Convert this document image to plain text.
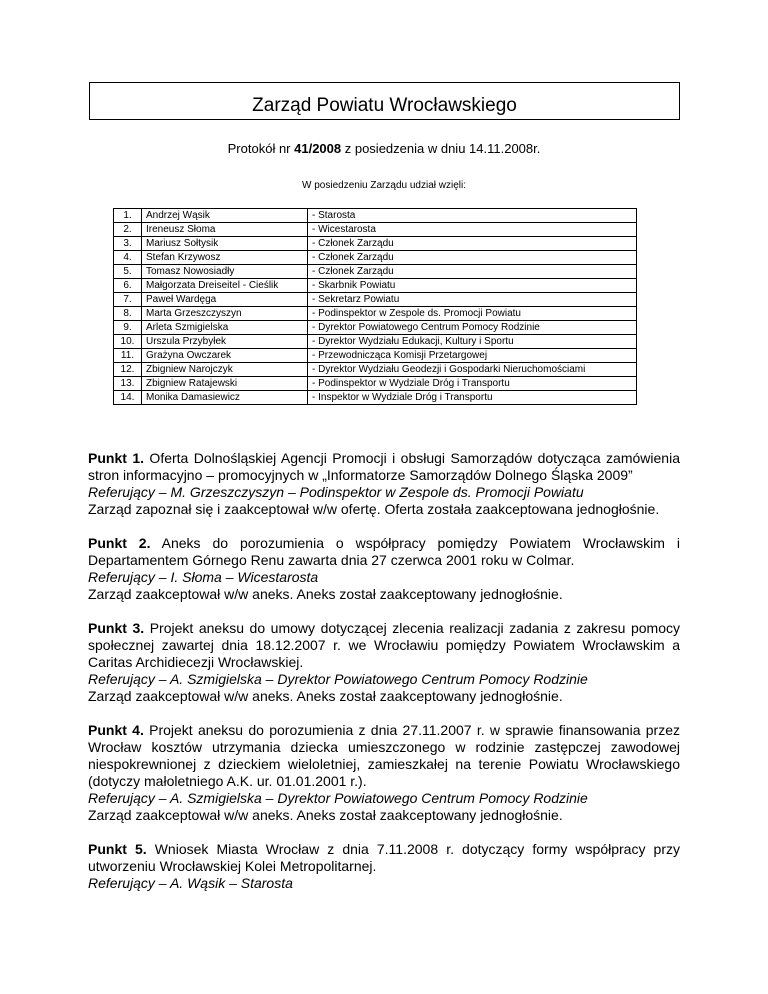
Zarząd Powiatu Wrocławskiego
Protokół nr 41/2008 z posiedzenia w dniu 14.11.2008r.
W posiedzeniu Zarządu udział wzięli:
1.	Andrzej Wąsik	- Starosta
2.	Ireneusz Słoma	- Wicestarosta
3.	Mariusz Sołtysik	- Członek Zarządu
4.	Stefan Krzywosz	- Członek Zarządu
5.	Tomasz Nowosiadły	- Członek Zarządu
6.	Małgorzata Dreiseitel - Cieślik	- Skarbnik Powiatu
7.	Paweł Wardęga	- Sekretarz Powiatu
8.	Marta Grzeszczyszyn	- Podinspektor w Zespole ds. Promocji Powiatu
9.	Arleta Szmigielska	- Dyrektor Powiatowego Centrum Pomocy Rodzinie
10.	Urszula Przybyłek	- Dyrektor Wydziału Edukacji, Kultury i Sportu
11.	Grażyna Owczarek	- Przewodnicząca Komisji Przetargowej
12.	Zbigniew Narojczyk	- Dyrektor Wydziału Geodezji i Gospodarki Nieruchomościami
13.	Zbigniew Ratajewski	- Podinspektor w Wydziale Dróg i Transportu
14.	Monika Damasiewicz	- Inspektor w Wydziale Dróg i Transportu
Punkt 1. Oferta Dolnośląskiej Agencji Promocji i obsługi Samorządów dotycząca zamówienia stron informacyjno – promocyjnych w „Informatorze Samorządów Dolnego Śląska 2009”
Referujący – M. Grzeszczyszyn – Podinspektor w Zespole ds. Promocji Powiatu
Zarząd zapoznał się i zaakceptował w/w ofertę. Oferta została zaakceptowana jednogłośnie.
Punkt 2. Aneks do porozumienia o współpracy pomiędzy Powiatem Wrocławskim i Departamentem Górnego Renu zawarta dnia 27 czerwca 2001 roku w Colmar.
Referujący – I. Słoma – Wicestarosta
Zarząd zaakceptował w/w aneks. Aneks został zaakceptowany jednogłośnie.
Punkt 3. Projekt aneksu do umowy dotyczącej zlecenia realizacji zadania z zakresu pomocy społecznej zawartej dnia 18.12.2007 r. we Wrocławiu pomiędzy Powiatem Wrocławskim a Caritas Archidiecezji Wrocławskiej.
Referujący – A. Szmigielska – Dyrektor Powiatowego Centrum Pomocy Rodzinie
Zarząd zaakceptował w/w aneks. Aneks został zaakceptowany jednogłośnie.
Punkt 4. Projekt aneksu do porozumienia z dnia 27.11.2007 r. w sprawie finansowania przez Wrocław kosztów utrzymania dziecka umieszczonego w rodzinie zastępczej zawodowej niespokrewnionej z dzieckiem wieloletniej, zamieszkałej na terenie Powiatu Wrocławskiego (dotyczy małoletniego A.K. ur. 01.01.2001 r.).
Referujący – A. Szmigielska – Dyrektor Powiatowego Centrum Pomocy Rodzinie
Zarząd zaakceptował w/w aneks. Aneks został zaakceptowany jednogłośnie.
Punkt 5. Wniosek Miasta Wrocław z dnia 7.11.2008 r. dotyczący formy współpracy przy utworzeniu Wrocławskiej Kolei Metropolitarnej.
Referujący – A. Wąsik – Starosta
